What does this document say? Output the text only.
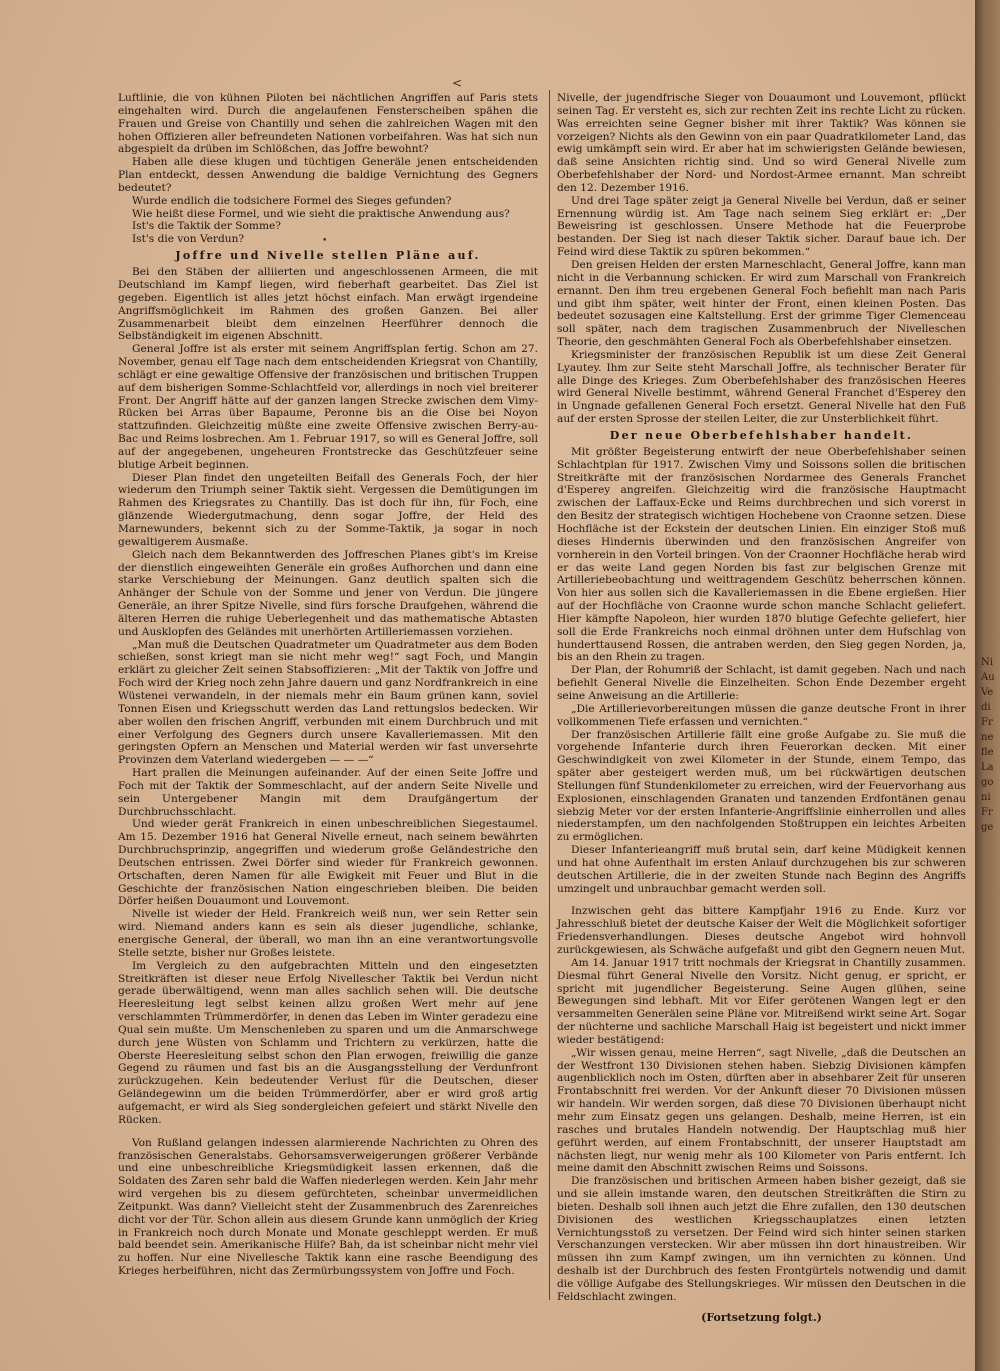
<
•

Luftlinie, die von kühnen Piloten bei nächtlichen Angriffen auf Paris stets eingehalten wird. Durch die angelaufenen Fensterscheiben spähen die Frauen und Greise von Chantilly und sehen die zahlreichen Wagen mit den hohen Offizieren aller befreundeten Nationen vorbeifahren. Was hat sich nun abgespielt da drüben im Schlößchen, das Joffre bewohnt?

Haben alle diese klugen und tüchtigen Generäle jenen entscheidenden Plan entdeckt, dessen Anwendung die baldige Vernichtung des Gegners bedeutet?

Wurde endlich die todsichere Formel des Sieges gefunden?

Wie heißt diese Formel, und wie sieht die praktische Anwendung aus?

Ist's die Taktik der Somme?

Ist's die von Verdun?

Joffre und Nivelle stellen Pläne auf.

Bei den Stäben der alliierten und angeschlossenen Armeen, die mit Deutschland im Kampf liegen, wird fieberhaft gearbeitet. Das Ziel ist gegeben. Eigentlich ist alles jetzt höchst einfach. Man erwägt irgendeine Angriffsmöglichkeit im Rahmen des großen Ganzen. Bei aller Zusammenarbeit bleibt dem einzelnen Heerführer dennoch die Selbständigkeit im eigenen Abschnitt.

General Joffre ist als erster mit seinem Angriffsplan fertig. Schon am 27. November, genau elf Tage nach dem entscheidenden Kriegsrat von Chantilly, schlägt er eine gewaltige Offensive der französischen und britischen Truppen auf dem bisherigen Somme-Schlachtfeld vor, allerdings in noch viel breiterer Front. Der Angriff hätte auf der ganzen langen Strecke zwischen dem Vimy-Rücken bei Arras über Bapaume, Peronne bis an die Oise bei Noyon stattzufinden. Gleichzeitig müßte eine zweite Offensive zwischen Berry-au-Bac und Reims losbrechen. Am 1. Februar 1917, so will es General Joffre, soll auf der angegebenen, ungeheuren Frontstrecke das Geschützfeuer seine blutige Arbeit beginnen.

Dieser Plan findet den ungeteilten Beifall des Generals Foch, der hier wiederum den Triumph seiner Taktik sieht. Vergessen die Demütigungen im Rahmen des Kriegsrates zu Chantilly. Das ist doch für ihn, für Foch, eine glänzende Wiedergutmachung, denn sogar Joffre, der Held des Marnewunders, bekennt sich zu der Somme-Taktik, ja sogar in noch gewaltigerem Ausmaße.

Gleich nach dem Bekanntwerden des Joffreschen Planes gibt's im Kreise der dienstlich eingeweihten Generäle ein großes Aufhorchen und dann eine starke Verschiebung der Meinungen. Ganz deutlich spalten sich die Anhänger der Schule von der Somme und jener von Verdun. Die jüngere Generäle, an ihrer Spitze Nivelle, sind fürs forsche Draufgehen, während die älteren Herren die ruhige Ueberlegenheit und das mathematische Abtasten und Ausklopfen des Geländes mit unerhörten Artilleriemassen vorziehen.

„Man muß die Deutschen Quadratmeter um Quadratmeter aus dem Boden schießen, sonst kriegt man sie nicht mehr weg!“ sagt Foch, und Mangin erklärt zu gleicher Zeit seinen Stabsoffizieren: „Mit der Taktik von Joffre und Foch wird der Krieg noch zehn Jahre dauern und ganz Nordfrankreich in eine Wüstenei verwandeln, in der niemals mehr ein Baum grünen kann, soviel Tonnen Eisen und Kriegsschutt werden das Land rettungslos bedecken. Wir aber wollen den frischen Angriff, verbunden mit einem Durchbruch und mit einer Verfolgung des Gegners durch unsere Kavalleriemassen. Mit den geringsten Opfern an Menschen und Material werden wir fast unversehrte Provinzen dem Vaterland wiedergeben — — —“

Hart prallen die Meinungen aufeinander. Auf der einen Seite Joffre und Foch mit der Taktik der Sommeschlacht, auf der andern Seite Nivelle und sein Untergebener Mangin mit dem Draufgängertum der Durchbruchsschlacht.

Und wieder gerät Frankreich in einen unbeschreiblichen Siegestaumel. Am 15. Dezember 1916 hat General Nivelle erneut, nach seinem bewährten Durchbruchsprinzip, angegriffen und wiederum große Geländestriche den Deutschen entrissen. Zwei Dörfer sind wieder für Frankreich gewonnen. Ortschaften, deren Namen für alle Ewigkeit mit Feuer und Blut in die Geschichte der französischen Nation eingeschrieben bleiben. Die beiden Dörfer heißen Douaumont und Louvemont.

Nivelle ist wieder der Held. Frankreich weiß nun, wer sein Retter sein wird. Niemand anders kann es sein als dieser jugendliche, schlanke, energische General, der überall, wo man ihn an eine verantwortungsvolle Stelle setzte, bisher nur Großes leistete.

Im Vergleich zu den aufgebrachten Mitteln und den eingesetzten Streitkräften ist dieser neue Erfolg Nivellescher Taktik bei Verdun nicht gerade überwältigend, wenn man alles sachlich sehen will. Die deutsche Heeresleitung legt selbst keinen allzu großen Wert mehr auf jene verschlammten Trümmerdörfer, in denen das Leben im Winter geradezu eine Qual sein mußte. Um Menschenleben zu sparen und um die Anmarschwege durch jene Wüsten von Schlamm und Trichtern zu verkürzen, hatte die Oberste Heeresleitung selbst schon den Plan erwogen, freiwillig die ganze Gegend zu räumen und fast bis an die Ausgangsstellung der Verdunfront zurückzugehen. Kein bedeutender Verlust für die Deutschen, dieser Geländegewinn um die beiden Trümmerdörfer, aber er wird groß artig aufgemacht, er wird als Sieg sondergleichen gefeiert und stärkt Nivelle den Rücken.

Von Rußland gelangen indessen alarmierende Nachrichten zu Ohren des französischen Generalstabs. Gehorsamsverweigerungen größerer Verbände und eine unbeschreibliche Kriegsmüdigkeit lassen erkennen, daß die Soldaten des Zaren sehr bald die Waffen niederlegen werden. Kein Jahr mehr wird vergehen bis zu diesem gefürchteten, scheinbar unvermeidlichen Zeitpunkt. Was dann? Vielleicht steht der Zusammenbruch des Zarenreiches dicht vor der Tür. Schon allein aus diesem Grunde kann unmöglich der Krieg in Frankreich noch durch Monate und Monate geschleppt werden. Er muß bald beendet sein. Amerikanische Hilfe? Bah, da ist scheinbar nicht mehr viel zu hoffen. Nur eine Nivellesche Taktik kann eine rasche Beendigung des Krieges herbeiführen, nicht das Zermürbungssystem von Joffre und Foch.

Nivelle, der jugendfrische Sieger von Douaumont und Louvemont, pflückt seinen Tag. Er versteht es, sich zur rechten Zeit ins rechte Licht zu rücken. Was erreichten seine Gegner bisher mit ihrer Taktik? Was können sie vorzeigen? Nichts als den Gewinn von ein paar Quadratkilometer Land, das ewig umkämpft sein wird. Er aber hat im schwierigsten Gelände bewiesen, daß seine Ansichten richtig sind. Und so wird General Nivelle zum Oberbefehlshaber der Nord- und Nordost-Armee ernannt. Man schreibt den 12. Dezember 1916.

Und drei Tage später zeigt ja General Nivelle bei Verdun, daß er seiner Ernennung würdig ist. Am Tage nach seinem Sieg erklärt er: „Der Beweisring ist geschlossen. Unsere Methode hat die Feuerprobe bestanden. Der Sieg ist nach dieser Taktik sicher. Darauf baue ich. Der Feind wird diese Taktik zu spüren bekommen.“

Den greisen Helden der ersten Marneschlacht, General Joffre, kann man nicht in die Verbannung schicken. Er wird zum Marschall von Frankreich ernannt. Den ihm treu ergebenen General Foch befiehlt man nach Paris und gibt ihm später, weit hinter der Front, einen kleinen Posten. Das bedeutet sozusagen eine Kaltstellung. Erst der grimme Tiger Clemenceau soll später, nach dem tragischen Zusammenbruch der Nivelleschen Theorie, den geschmähten General Foch als Oberbefehlshaber einsetzen.

Kriegsminister der französischen Republik ist um diese Zeit General Lyautey. Ihm zur Seite steht Marschall Joffre, als technischer Berater für alle Dinge des Krieges. Zum Oberbefehlshaber des französischen Heeres wird General Nivelle bestimmt, während General Franchet d'Esperey den in Ungnade gefallenen General Foch ersetzt. General Nivelle hat den Fuß auf der ersten Sprosse der steilen Leiter, die zur Unsterblichkeit führt.

Der neue Oberbefehlshaber handelt.

Mit größter Begeisterung entwirft der neue Oberbefehlshaber seinen Schlachtplan für 1917. Zwischen Vimy und Soissons sollen die britischen Streitkräfte mit der französischen Nordarmee des Generals Franchet d'Esperey angreifen. Gleichzeitig wird die französische Hauptmacht zwischen der Laffaux-Ecke und Reims durchbrechen und sich vorerst in den Besitz der strategisch wichtigen Hochebene von Craonne setzen. Diese Hochfläche ist der Eckstein der deutschen Linien. Ein einziger Stoß muß dieses Hindernis überwinden und den französischen Angreifer von vornherein in den Vorteil bringen. Von der Craonner Hochfläche herab wird er das weite Land gegen Norden bis fast zur belgischen Grenze mit Artilleriebeobachtung und weittragendem Geschütz beherrschen können. Von hier aus sollen sich die Kavalleriemassen in die Ebene ergießen. Hier auf der Hochfläche von Craonne wurde schon manche Schlacht geliefert. Hier kämpfte Napoleon, hier wurden 1870 blutige Gefechte geliefert, hier soll die Erde Frankreichs noch einmal dröhnen unter dem Hufschlag von hunderttausend Rossen, die antraben werden, den Sieg gegen Norden, ja, bis an den Rhein zu tragen.

Der Plan, der Rohumriß der Schlacht, ist damit gegeben. Nach und nach befiehlt General Nivelle die Einzelheiten. Schon Ende Dezember ergeht seine Anweisung an die Artillerie:

„Die Artillerievorbereitungen müssen die ganze deutsche Front in ihrer vollkommenen Tiefe erfassen und vernichten.“

Der französischen Artillerie fällt eine große Aufgabe zu. Sie muß die vorgehende Infanterie durch ihren Feuerorkan decken. Mit einer Geschwindigkeit von zwei Kilometer in der Stunde, einem Tempo, das später aber gesteigert werden muß, um bei rückwärtigen deutschen Stellungen fünf Stundenkilometer zu erreichen, wird der Feuervorhang aus Explosionen, einschlagenden Granaten und tanzenden Erdfontänen genau siebzig Meter vor der ersten Infanterie-Angriffslinie einherrollen und alles niederstampfen, um den nachfolgenden Stoßtruppen ein leichtes Arbeiten zu ermöglichen.

Dieser Infanterieangriff muß brutal sein, darf keine Müdigkeit kennen und hat ohne Aufenthalt im ersten Anlauf durchzugehen bis zur schweren deutschen Artillerie, die in der zweiten Stunde nach Beginn des Angriffs umzingelt und unbrauchbar gemacht werden soll.

Inzwischen geht das bittere Kampfjahr 1916 zu Ende. Kurz vor Jahresschluß bietet der deutsche Kaiser der Welt die Möglichkeit sofortiger Friedensverhandlungen. Dieses deutsche Angebot wird hohnvoll zurückgewiesen, als Schwäche aufgefaßt und gibt den Gegnern neuen Mut.

Am 14. Januar 1917 tritt nochmals der Kriegsrat in Chantilly zusammen. Diesmal führt General Nivelle den Vorsitz. Nicht genug, er spricht, er spricht mit jugendlicher Begeisterung. Seine Augen glühen, seine Bewegungen sind lebhaft. Mit vor Eifer gerötenen Wangen legt er den versammelten Generälen seine Pläne vor. Mitreißend wirkt seine Art. Sogar der nüchterne und sachliche Marschall Haig ist begeistert und nickt immer wieder bestätigend:

„Wir wissen genau, meine Herren“, sagt Nivelle, „daß die Deutschen an der Westfront 130 Divisionen stehen haben. Siebzig Divisionen kämpfen augenblicklich noch im Osten, dürften aber in absehbarer Zeit für unseren Frontabschnitt frei werden. Vor der Ankunft dieser 70 Divisionen müssen wir handeln. Wir werden sorgen, daß diese 70 Divisionen überhaupt nicht mehr zum Einsatz gegen uns gelangen. Deshalb, meine Herren, ist ein rasches und brutales Handeln notwendig. Der Hauptschlag muß hier geführt werden, auf einem Frontabschnitt, der unserer Hauptstadt am nächsten liegt, nur wenig mehr als 100 Kilometer von Paris entfernt. Ich meine damit den Abschnitt zwischen Reims und Soissons.

Die französischen und britischen Armeen haben bisher gezeigt, daß sie und sie allein imstande waren, den deutschen Streitkräften die Stirn zu bieten. Deshalb soll ihnen auch jetzt die Ehre zufallen, den 130 deutschen Divisionen des westlichen Kriegsschauplatzes einen letzten Vernichtungsstoß zu versetzen. Der Feind wird sich hinter seinen starken Verschanzungen verstecken. Wir aber müssen ihn dort hinaustreiben. Wir müssen ihn zum Kampf zwingen, um ihn vernichten zu können. Und deshalb ist der Durchbruch des festen Frontgürtels notwendig und damit die völlige Aufgabe des Stellungskrieges. Wir müssen den Deutschen in die Feldschlacht zwingen.

(Fortsetzung folgt.)
Ni
Au
Ve
di
Fr
ne
fle
La
go
ni
Fr
ge
